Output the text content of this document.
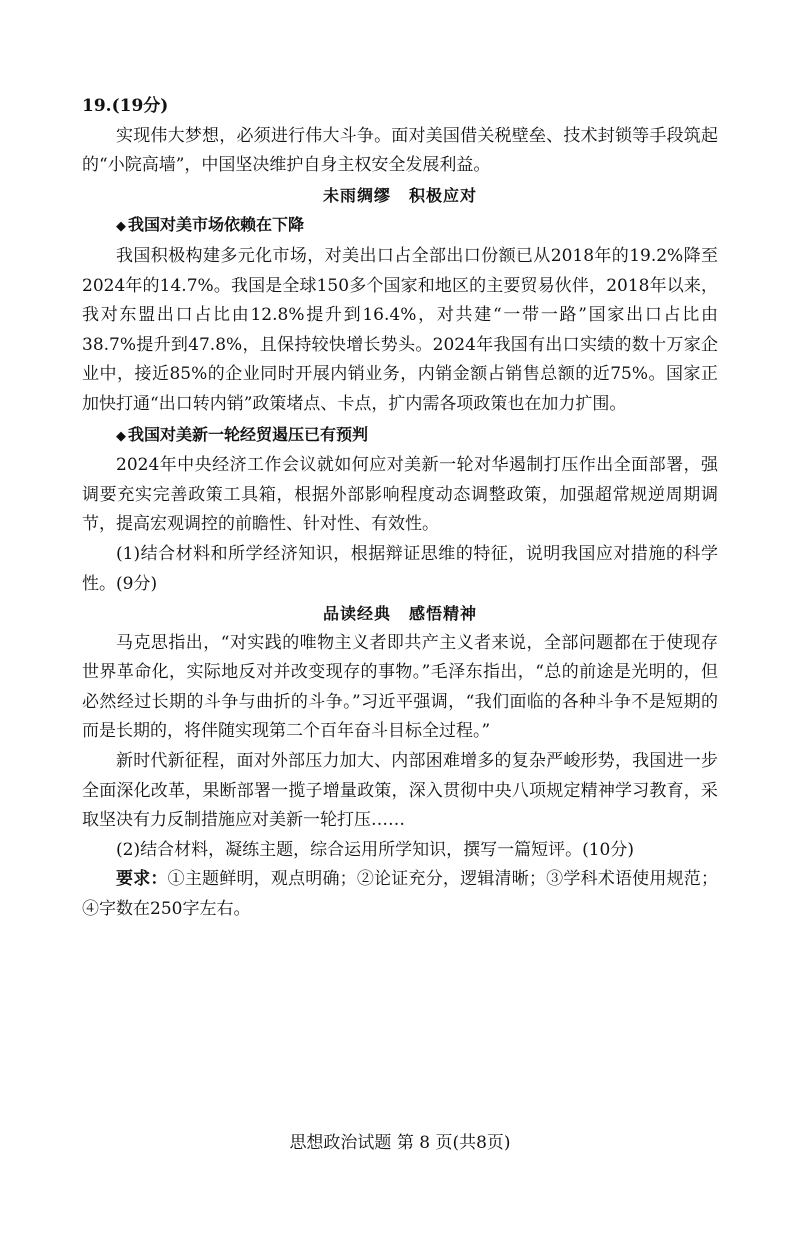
19.(19分)

实现伟大梦想，必须进行伟大斗争。面对美国借关税壁垒、技术封锁等手段筑起的“小院高墙”，中国坚决维护自身主权安全发展利益。

未雨绸缪 积极应对

◆ 我国对美市场依赖在下降

我国积极构建多元化市场，对美出口占全部出口份额已从2018年的19.2%降至2024年的14.7%。我国是全球150多个国家和地区的主要贸易伙伴，2018年以来，我对东盟出口占比由12.8%提升到16.4%，对共建“一带一路”国家出口占比由38.7%提升到47.8%，且保持较快增长势头。2024年我国有出口实绩的数十万家企业中，接近85%的企业同时开展内销业务，内销金额占销售总额的近75%。国家正加快打通“出口转内销”政策堵点、卡点，扩内需各项政策也在加力扩围。

◆ 我国对美新一轮经贸遏压已有预判

2024年中央经济工作会议就如何应对美新一轮对华遏制打压作出全面部署，强调要充实完善政策工具箱，根据外部影响程度动态调整政策，加强超常规逆周期调节，提高宏观调控的前瞻性、针对性、有效性。

(1)结合材料和所学经济知识，根据辩证思维的特征，说明我国应对措施的科学性。(9分)

品读经典 感悟精神

马克思指出，“对实践的唯物主义者即共产主义者来说，全部问题都在于使现存世界革命化，实际地反对并改变现存的事物。”毛泽东指出，“总的前途是光明的，但必然经过长期的斗争与曲折的斗争。”习近平强调，“我们面临的各种斗争不是短期的而是长期的，将伴随实现第二个百年奋斗目标全过程。”

新时代新征程，面对外部压力加大、内部困难增多的复杂严峻形势，我国进一步全面深化改革，果断部署一揽子增量政策，深入贯彻中央八项规定精神学习教育，采取坚决有力反制措施应对美新一轮打压……

(2)结合材料，凝练主题，综合运用所学知识，撰写一篇短评。(10分)

要求：①主题鲜明，观点明确；②论证充分，逻辑清晰；③学科术语使用规范；④字数在250字左右。

思想政治试题 第 8 页(共8页)
